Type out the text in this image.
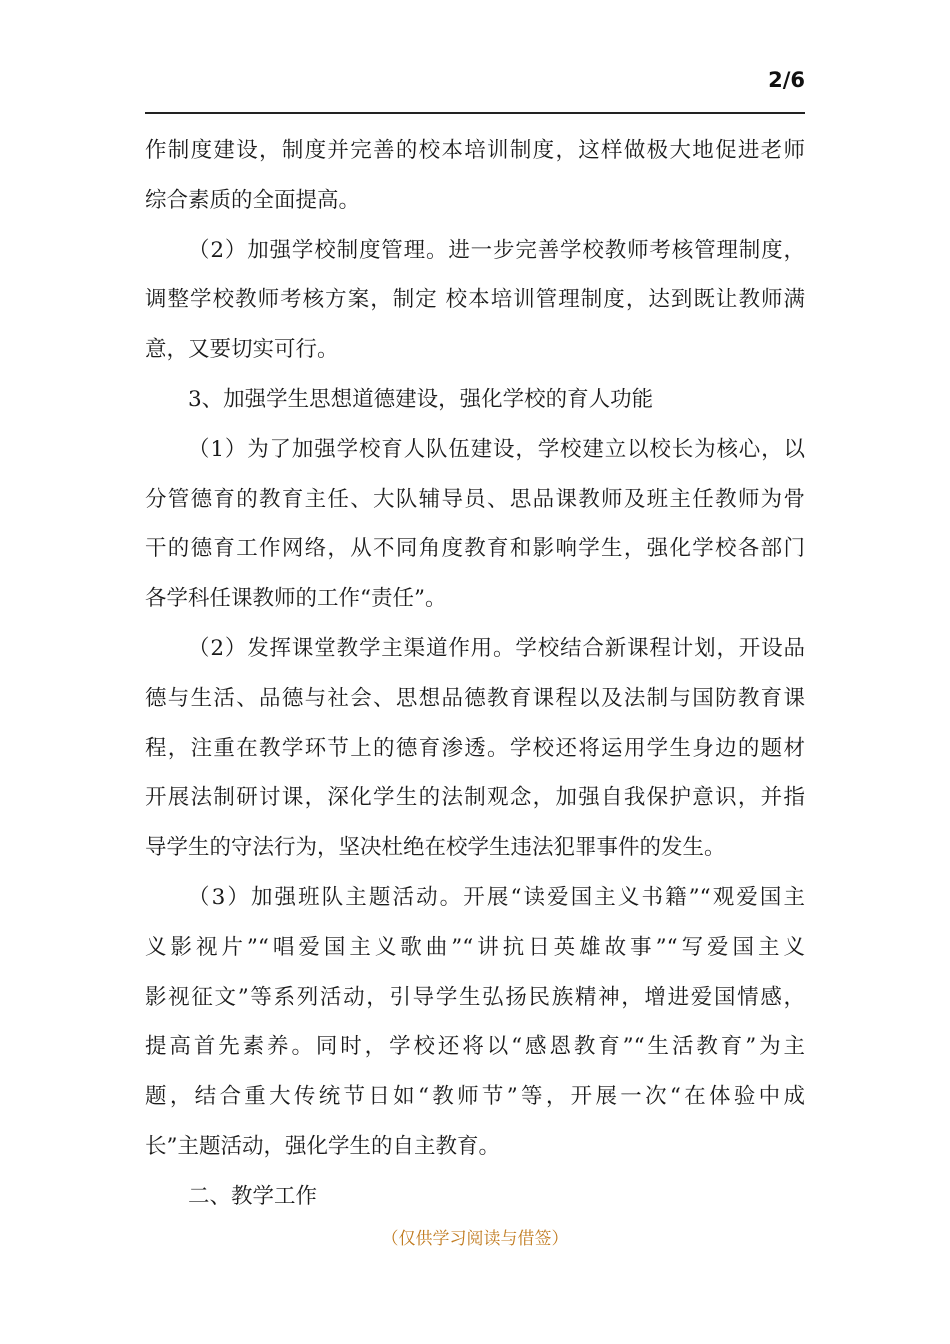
2/6
作制度建设，制度并完善的校本培训制度，这样做极大地促进老师
综合素质的全面提高。
（2）加强学校制度管理。进一步完善学校教师考核管理制度，
调整学校教师考核方案，制定 校本培训管理制度，达到既让教师满
意，又要切实可行。
3、加强学生思想道德建设，强化学校的育人功能
（1）为了加强学校育人队伍建设，学校建立以校长为核心，以
分管德育的教育主任、大队辅导员、思品课教师及班主任教师为骨
干的德育工作网络，从不同角度教育和影响学生，强化学校各部门
各学科任课教师的工作“责任”。
（2）发挥课堂教学主渠道作用。学校结合新课程计划，开设品
德与生活、品德与社会、思想品德教育课程以及法制与国防教育课
程，注重在教学环节上的德育渗透。学校还将运用学生身边的题材
开展法制研讨课，深化学生的法制观念，加强自我保护意识，并指
导学生的守法行为，坚决杜绝在校学生违法犯罪事件的发生。
（3）加强班队主题活动。开展“读爱国主义书籍”“观爱国主
义影视片”“唱爱国主义歌曲”“讲抗日英雄故事”“写爱国主义
影视征文”等系列活动，引导学生弘扬民族精神，增进爱国情感，
提高首先素养。同时，学校还将以“感恩教育”“生活教育”为主
题，结合重大传统节日如“教师节”等，开展一次“在体验中成
长”主题活动，强化学生的自主教育。
二、教学工作
（仅供学习阅读与借签）
